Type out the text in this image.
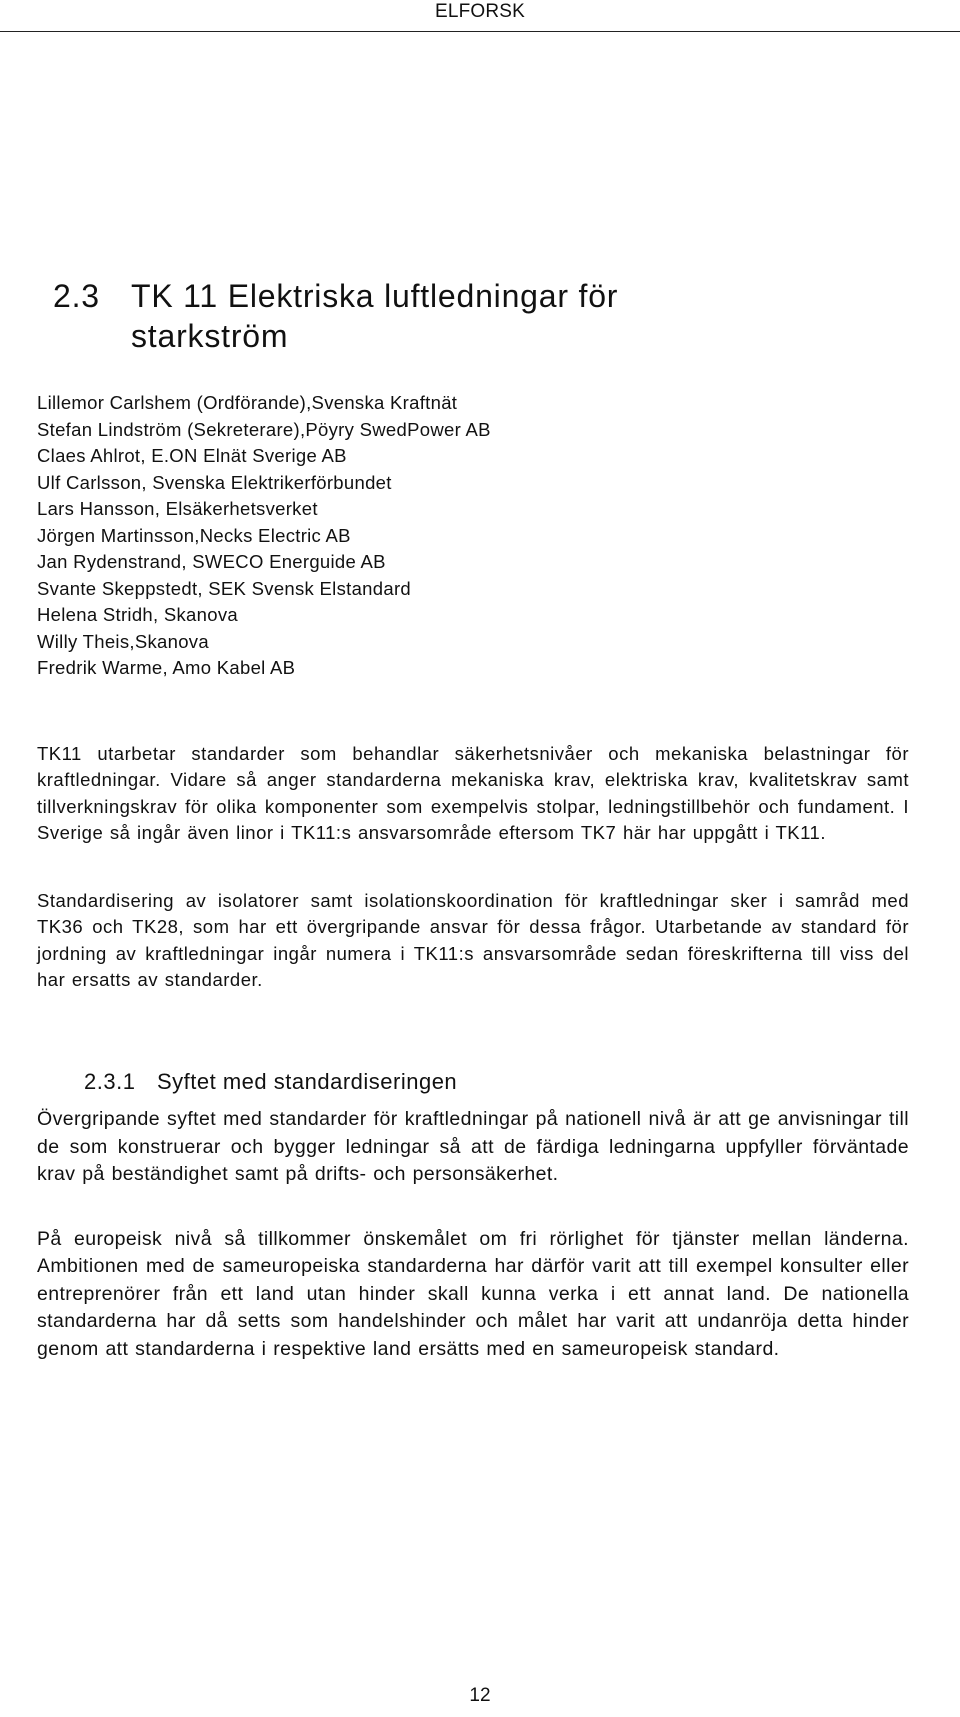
ELFORSK
2.3 TK 11 Elektriska luftledningar för
starkström
Lillemor Carlshem (Ordförande),Svenska Kraftnät
Stefan Lindström (Sekreterare),Pöyry SwedPower AB
Claes Ahlrot, E.ON Elnät Sverige AB
Ulf Carlsson, Svenska Elektrikerförbundet
Lars Hansson, Elsäkerhetsverket
Jörgen Martinsson,Necks Electric AB
Jan Rydenstrand, SWECO Energuide AB
Svante Skeppstedt, SEK Svensk Elstandard
Helena Stridh, Skanova
Willy Theis,Skanova
Fredrik Warme, Amo Kabel AB

TK11 utarbetar standarder som behandlar säkerhetsnivåer och mekaniska belastningar för kraftledningar. Vidare så anger standarderna mekaniska krav, elektriska krav, kvalitetskrav samt tillverkningskrav för olika komponenter som exempelvis stolpar, ledningstillbehör och fundament. I Sverige så ingår även linor i TK11:s ansvarsområde eftersom TK7 här har uppgått i TK11.

Standardisering av isolatorer samt isolationskoordination för kraftledningar sker i samråd med TK36 och TK28, som har ett övergripande ansvar för dessa frågor. Utarbetande av standard för jordning av kraftledningar ingår numera i TK11:s ansvarsområde sedan föreskrifterna till viss del har ersatts av standarder.

2.3.1 Syftet med standardiseringen

Övergripande syftet med standarder för kraftledningar på nationell nivå är att ge anvisningar till de som konstruerar och bygger ledningar så att de färdiga ledningarna uppfyller förväntade krav på beständighet samt på drifts- och personsäkerhet.

På europeisk nivå så tillkommer önskemålet om fri rörlighet för tjänster mellan länderna. Ambitionen med de sameuropeiska standarderna har därför varit att till exempel konsulter eller entreprenörer från ett land utan hinder skall kunna verka i ett annat land. De nationella standarderna har då setts som handelshinder och målet har varit att undanröja detta hinder genom att standarderna i respektive land ersätts med en sameuropeisk standard.

12
